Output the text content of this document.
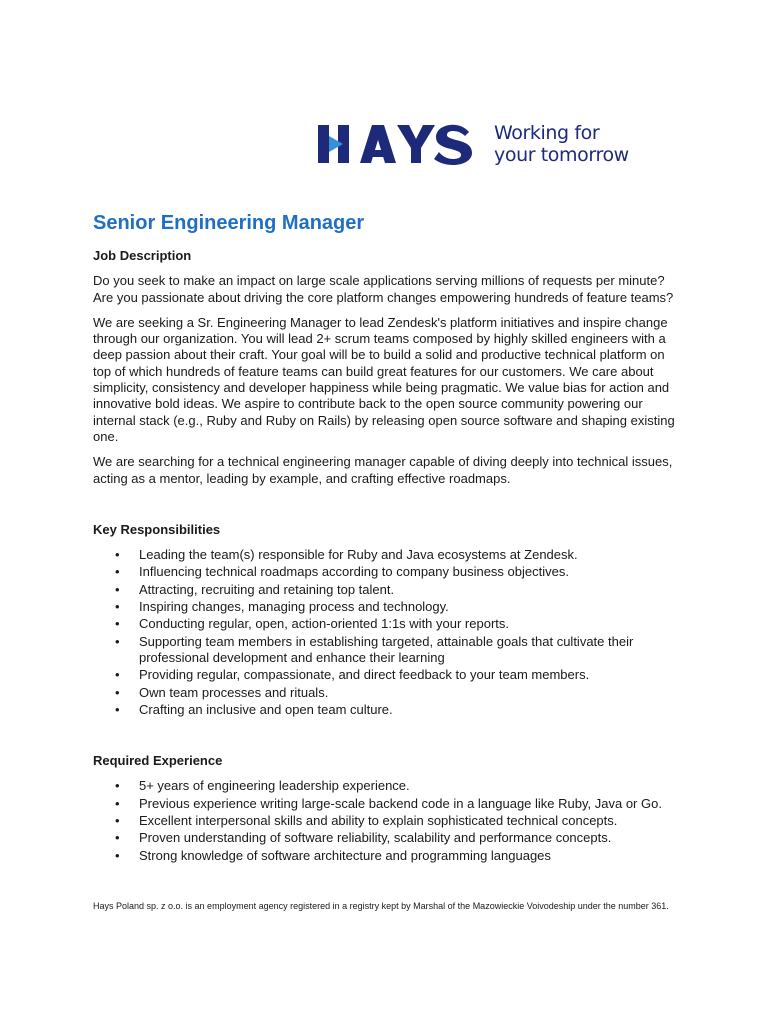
Working for
your tomorrow
Senior Engineering Manager
Job Description

Do you seek to make an impact on large scale applications serving millions of requests per minute? Are you passionate about driving the core platform changes empowering hundreds of feature teams?

We are seeking a Sr. Engineering Manager to lead Zendesk's platform initiatives and inspire change through our organization. You will lead 2+ scrum teams composed by highly skilled engineers with a deep passion about their craft. Your goal will be to build a solid and productive technical platform on top of which hundreds of feature teams can build great features for our customers. We care about simplicity, consistency and developer happiness while being pragmatic. We value bias for action and innovative bold ideas. We aspire to contribute back to the open source community powering our internal stack (e.g., Ruby and Ruby on Rails) by releasing open source software and shaping existing one.

We are searching for a technical engineering manager capable of diving deeply into technical issues, acting as a mentor, leading by example, and crafting effective roadmaps.

Key Responsibilities
• Leading the team(s) responsible for Ruby and Java ecosystems at Zendesk.
• Influencing technical roadmaps according to company business objectives.
• Attracting, recruiting and retaining top talent.
• Inspiring changes, managing process and technology.
• Conducting regular, open, action-oriented 1:1s with your reports.
• Supporting team members in establishing targeted, attainable goals that cultivate their professional development and enhance their learning
• Providing regular, compassionate, and direct feedback to your team members.
• Own team processes and rituals.
• Crafting an inclusive and open team culture.
Required Experience
• 5+ years of engineering leadership experience.
• Previous experience writing large-scale backend code in a language like Ruby, Java or Go.
• Excellent interpersonal skills and ability to explain sophisticated technical concepts.
• Proven understanding of software reliability, scalability and performance concepts.
• Strong knowledge of software architecture and programming languages
Hays Poland sp. z o.o. is an employment agency registered in a registry kept by Marshal of the Mazowieckie Voivodeship under the number 361.
